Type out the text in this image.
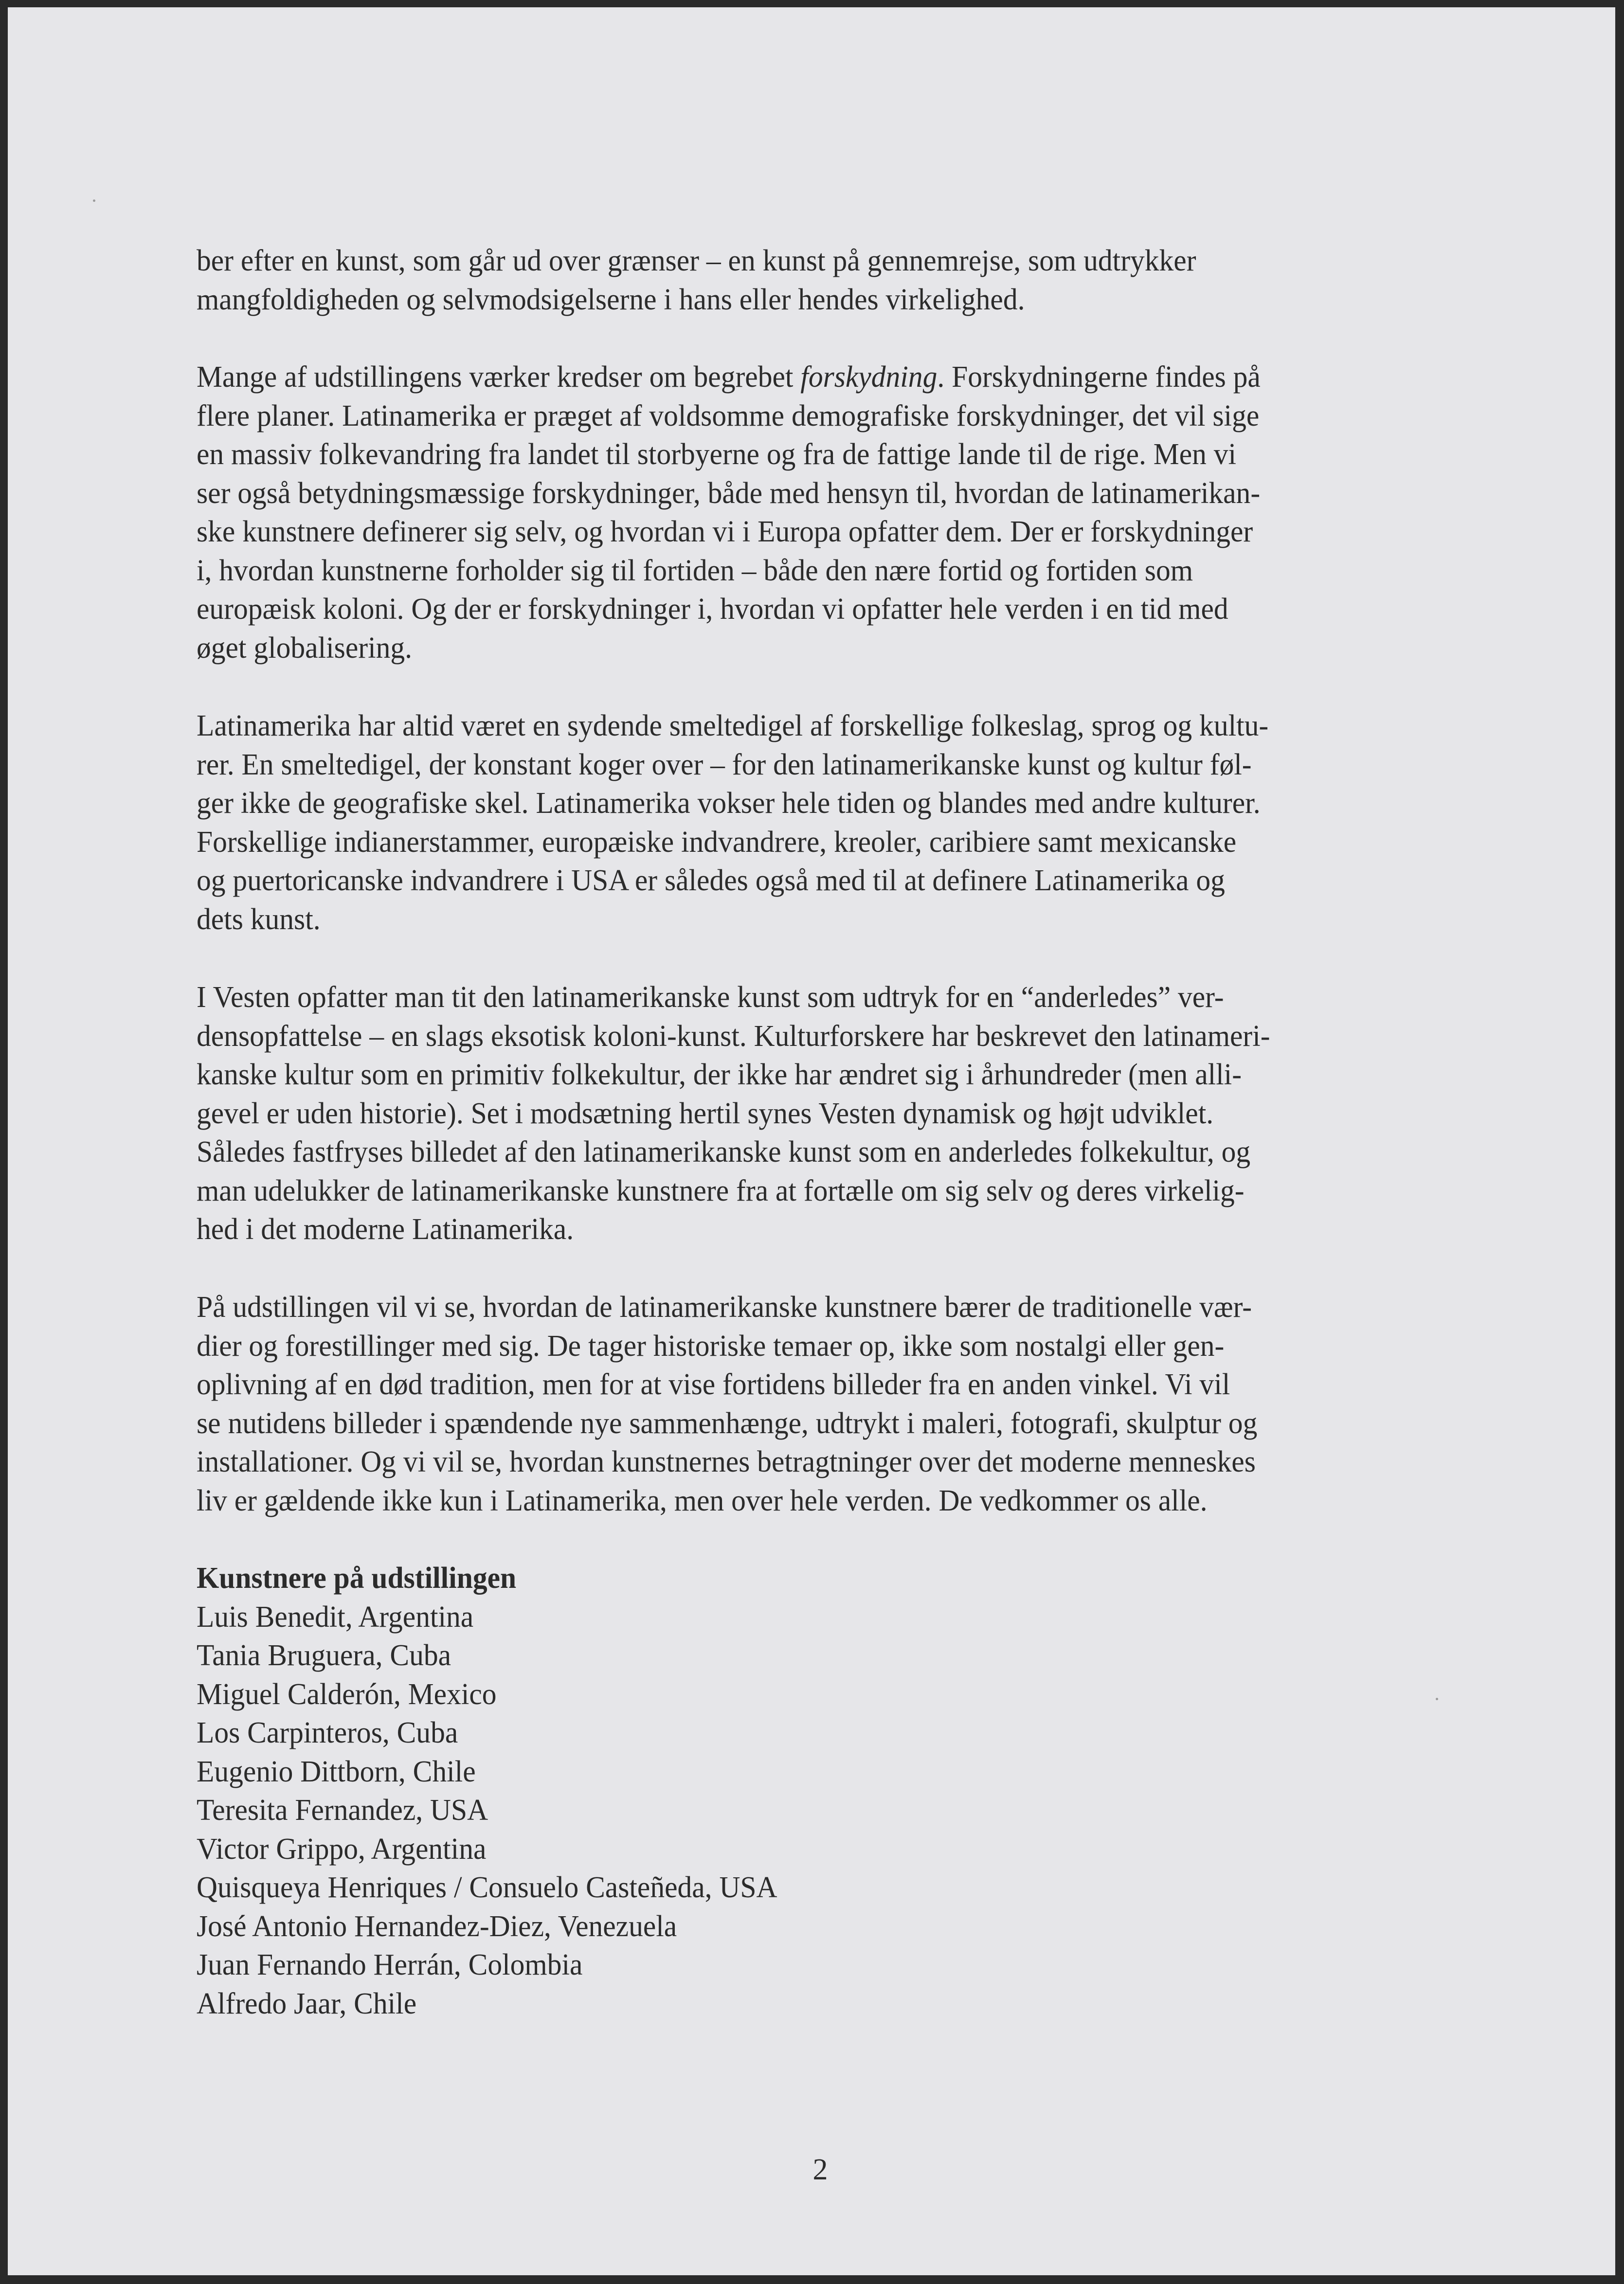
ber efter en kunst, som går ud over grænser – en kunst på gennemrejse, som udtrykker
mangfoldigheden og selvmodsigelserne i hans eller hendes virkelighed.
Mange af udstillingens værker kredser om begrebet forskydning. Forskydningerne findes på
flere planer. Latinamerika er præget af voldsomme demografiske forskydninger, det vil sige
en massiv folkevandring fra landet til storbyerne og fra de fattige lande til de rige. Men vi
ser også betydningsmæssige forskydninger, både med hensyn til, hvordan de latinamerikan-
ske kunstnere definerer sig selv, og hvordan vi i Europa opfatter dem. Der er forskydninger
i, hvordan kunstnerne forholder sig til fortiden – både den nære fortid og fortiden som
europæisk koloni. Og der er forskydninger i, hvordan vi opfatter hele verden i en tid med
øget globalisering.
Latinamerika har altid været en sydende smeltedigel af forskellige folkeslag, sprog og kultu-
rer. En smeltedigel, der konstant koger over – for den latinamerikanske kunst og kultur føl-
ger ikke de geografiske skel. Latinamerika vokser hele tiden og blandes med andre kulturer.
Forskellige indianerstammer, europæiske indvandrere, kreoler, caribiere samt mexicanske
og puertoricanske indvandrere i USA er således også med til at definere Latinamerika og
dets kunst.
I Vesten opfatter man tit den latinamerikanske kunst som udtryk for en “anderledes” ver-
densopfattelse – en slags eksotisk koloni-kunst. Kulturforskere har beskrevet den latinameri-
kanske kultur som en primitiv folkekultur, der ikke har ændret sig i århundreder (men alli-
gevel er uden historie). Set i modsætning hertil synes Vesten dynamisk og højt udviklet.
Således fastfryses billedet af den latinamerikanske kunst som en anderledes folkekultur, og
man udelukker de latinamerikanske kunstnere fra at fortælle om sig selv og deres virkelig-
hed i det moderne Latinamerika.
På udstillingen vil vi se, hvordan de latinamerikanske kunstnere bærer de traditionelle vær-
dier og forestillinger med sig. De tager historiske temaer op, ikke som nostalgi eller gen-
oplivning af en død tradition, men for at vise fortidens billeder fra en anden vinkel. Vi vil
se nutidens billeder i spændende nye sammenhænge, udtrykt i maleri, fotografi, skulptur og
installationer. Og vi vil se, hvordan kunstnernes betragtninger over det moderne menneskes
liv er gældende ikke kun i Latinamerika, men over hele verden. De vedkommer os alle.
Kunstnere på udstillingen
Luis Benedit, Argentina
Tania Bruguera, Cuba
Miguel Calderón, Mexico
Los Carpinteros, Cuba
Eugenio Dittborn, Chile
Teresita Fernandez, USA
Victor Grippo, Argentina
Quisqueya Henriques / Consuelo Casteñeda, USA
José Antonio Hernandez-Diez, Venezuela
Juan Fernando Herrán, Colombia
Alfredo Jaar, Chile
2
